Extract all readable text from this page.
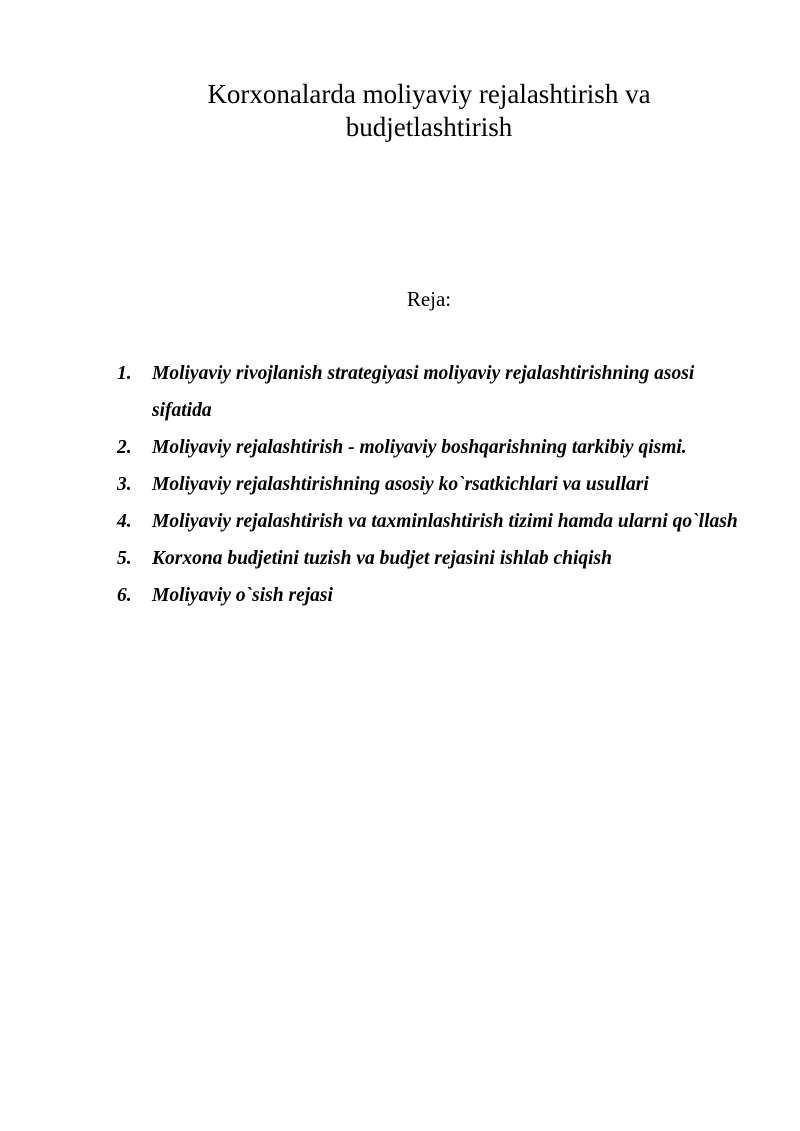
Korxonalarda moliyaviy rejalashtirish va budjetlashtirish

Reja:

1. Moliyaviy rivojlanish strategiyasi moliyaviy rejalashtirishning asosi sifatida
2. Moliyaviy rejalashtirish - moliyaviy boshqarishning tarkibiy qismi.
3. Moliyaviy rejalashtirishning asosiy ko`rsatkichlari va usullari
4. Moliyaviy rejalashtirish va taxminlashtirish tizimi hamda ularni qo`llash
5. Korxona budjetini tuzish va budjet rejasini ishlab chiqish
6. Moliyaviy o`sish rejasi
